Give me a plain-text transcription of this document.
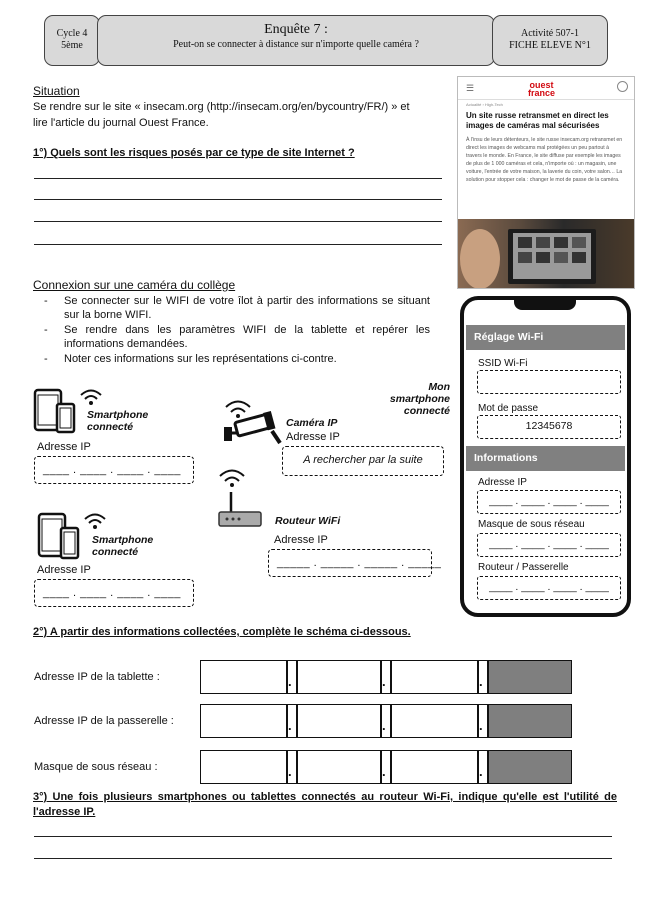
Cycle 4
5ème
Enquête 7 :
Peut-on se connecter à distance sur n'importe quelle caméra ?
Activité 507-1
FICHE ELEVE N°1
Situation
Se rendre sur le site « insecam.org (http://insecam.org/en/bycountry/FR/) » et
lire l'article du journal Ouest France.
1°) Quels sont les risques posés par ce type de site Internet ?
☰	ouest
france
Actualité › High-Tech
Un site russe retransmet en direct les images de caméras mal sécurisées
À l'insu de leurs détenteurs, le site russe insecam.org retransmet en direct les images de webcams mal protégées un peu partout à travers le monde. En France, le site diffuse par exemple les images de plus de 1 000 caméras et cela, n'importe où : un magasin, une voiture, l'entrée de votre maison, la laverie du coin, votre salon… La solution pour stopper cela : changer le mot de passe de la caméra.
Connexion sur une caméra du collège
- Se connecter sur le WIFI de votre îlot à partir des informations se situant sur la borne WIFI.
- Se rendre dans les paramètres WIFI de la tablette et repérer les informations demandées.
- Noter ces informations sur les représentations ci-contre.
Smartphone
connecté
Adresse IP
____ . ____ . ____ . ____
Caméra IP
Adresse IP
A rechercher par la suite
Mon
smartphone
connecté
Smartphone
connecté
Adresse IP
____ . ____ . ____ . ____
Routeur WiFi
Adresse IP
_____ . _____ . _____ . _____
Réglage Wi-Fi
SSID Wi-Fi
Mot de passe
12345678
Informations
Adresse IP
____ . ____ . ____ . ____
Masque de sous réseau
____ . ____ . ____ . ____
Routeur / Passerelle
____ . ____ . ____ . ____
2°) A partir des informations collectées, complète le schéma ci-dessous.
Adresse IP de la tablette :	.	.	.
Adresse IP de la passerelle :	.	.	.
Masque de sous réseau :	.	.	.
3°) Une fois plusieurs smartphones ou tablettes connectés au routeur Wi-Fi, indique qu'elle est l'utilité de
l'adresse IP.
